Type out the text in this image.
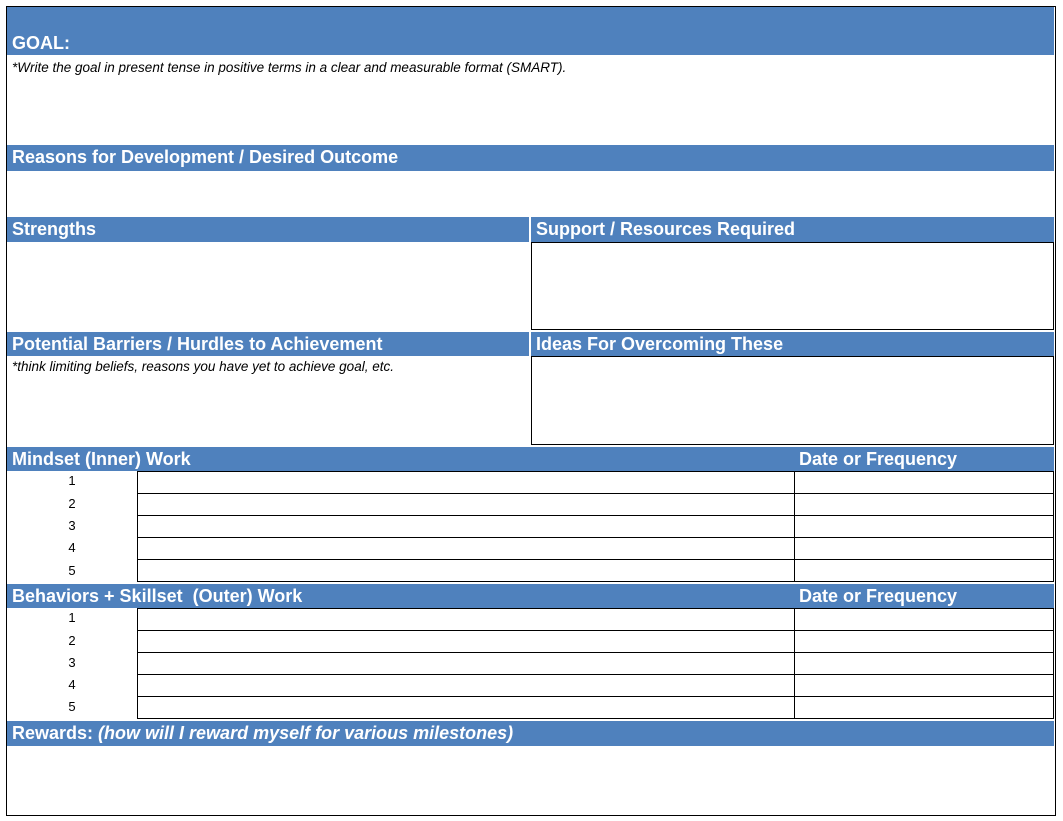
GOAL:
*Write the goal in present tense in positive terms in a clear and measurable format (SMART).
Reasons for Development / Desired Outcome
Strengths	Support / Resources Required
Potential Barriers / Hurdles to Achievement	Ideas For Overcoming These
*think limiting beliefs, reasons you have yet to achieve goal, etc.
Mindset (Inner) Work	Date or Frequency
1
2
3
4
5
Behaviors + Skillset  (Outer) Work	Date or Frequency
1
2
3
4
5
Rewards: (how will I reward myself for various milestones)
